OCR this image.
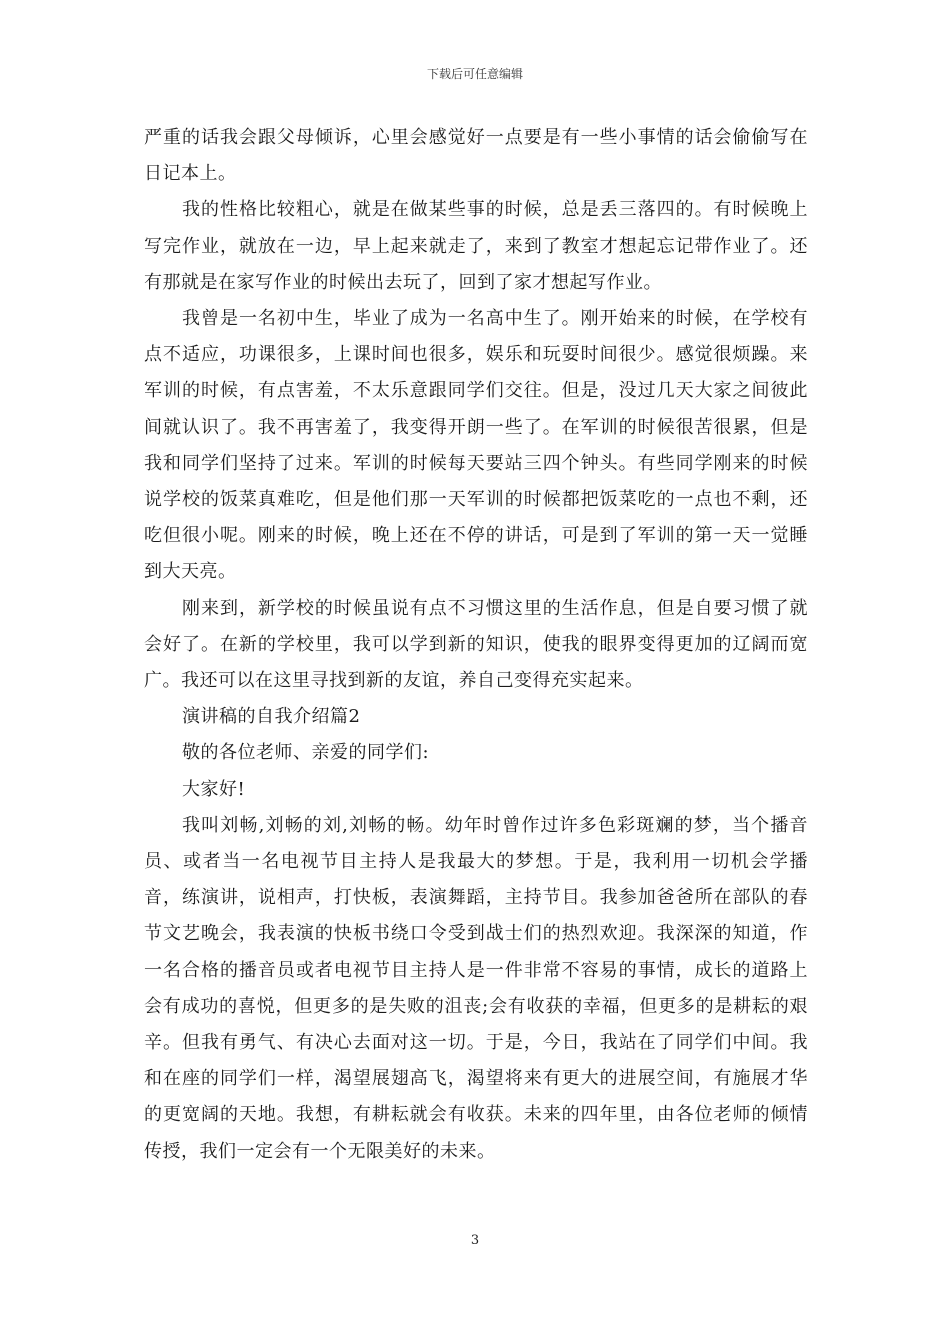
下载后可任意编辑

严重的话我会跟父母倾诉，心里会感觉好一点要是有一些小事情的话会偷偷写在日记本上。

我的性格比较粗心，就是在做某些事的时候，总是丢三落四的。有时候晚上写完作业，就放在一边，早上起来就走了，来到了教室才想起忘记带作业了。还有那就是在家写作业的时候出去玩了，回到了家才想起写作业。

我曾是一名初中生，毕业了成为一名高中生了。刚开始来的时候，在学校有点不适应，功课很多，上课时间也很多，娱乐和玩耍时间很少。感觉很烦躁。来军训的时候，有点害羞，不太乐意跟同学们交往。但是，没过几天大家之间彼此间就认识了。我不再害羞了，我变得开朗一些了。在军训的时候很苦很累，但是我和同学们坚持了过来。军训的时候每天要站三四个钟头。有些同学刚来的时候说学校的饭菜真难吃，但是他们那一天军训的时候都把饭菜吃的一点也不剩，还吃但很小呢。刚来的时候，晚上还在不停的讲话，可是到了军训的第一天一觉睡到大天亮。

刚来到，新学校的时候虽说有点不习惯这里的生活作息，但是自要习惯了就会好了。在新的学校里，我可以学到新的知识，使我的眼界变得更加的辽阔而宽广。我还可以在这里寻找到新的友谊，养自己变得充实起来。

演讲稿的自我介绍篇2

敬的各位老师、亲爱的同学们:

大家好!

我叫刘畅,刘畅的刘,刘畅的畅。幼年时曾作过许多色彩斑斓的梦，当个播音员、或者当一名电视节目主持人是我最大的梦想。于是，我利用一切机会学播音，练演讲，说相声，打快板，表演舞蹈，主持节目。我参加爸爸所在部队的春节文艺晚会，我表演的快板书绕口令受到战士们的热烈欢迎。我深深的知道，作一名合格的播音员或者电视节目主持人是一件非常不容易的事情，成长的道路上会有成功的喜悦，但更多的是失败的沮丧;会有收获的幸福，但更多的是耕耘的艰辛。但我有勇气、有决心去面对这一切。于是，今日，我站在了同学们中间。我和在座的同学们一样，渴望展翅高飞，渴望将来有更大的进展空间，有施展才华的更宽阔的天地。我想，有耕耘就会有收获。未来的四年里，由各位老师的倾情传授，我们一定会有一个无限美好的未来。

3
